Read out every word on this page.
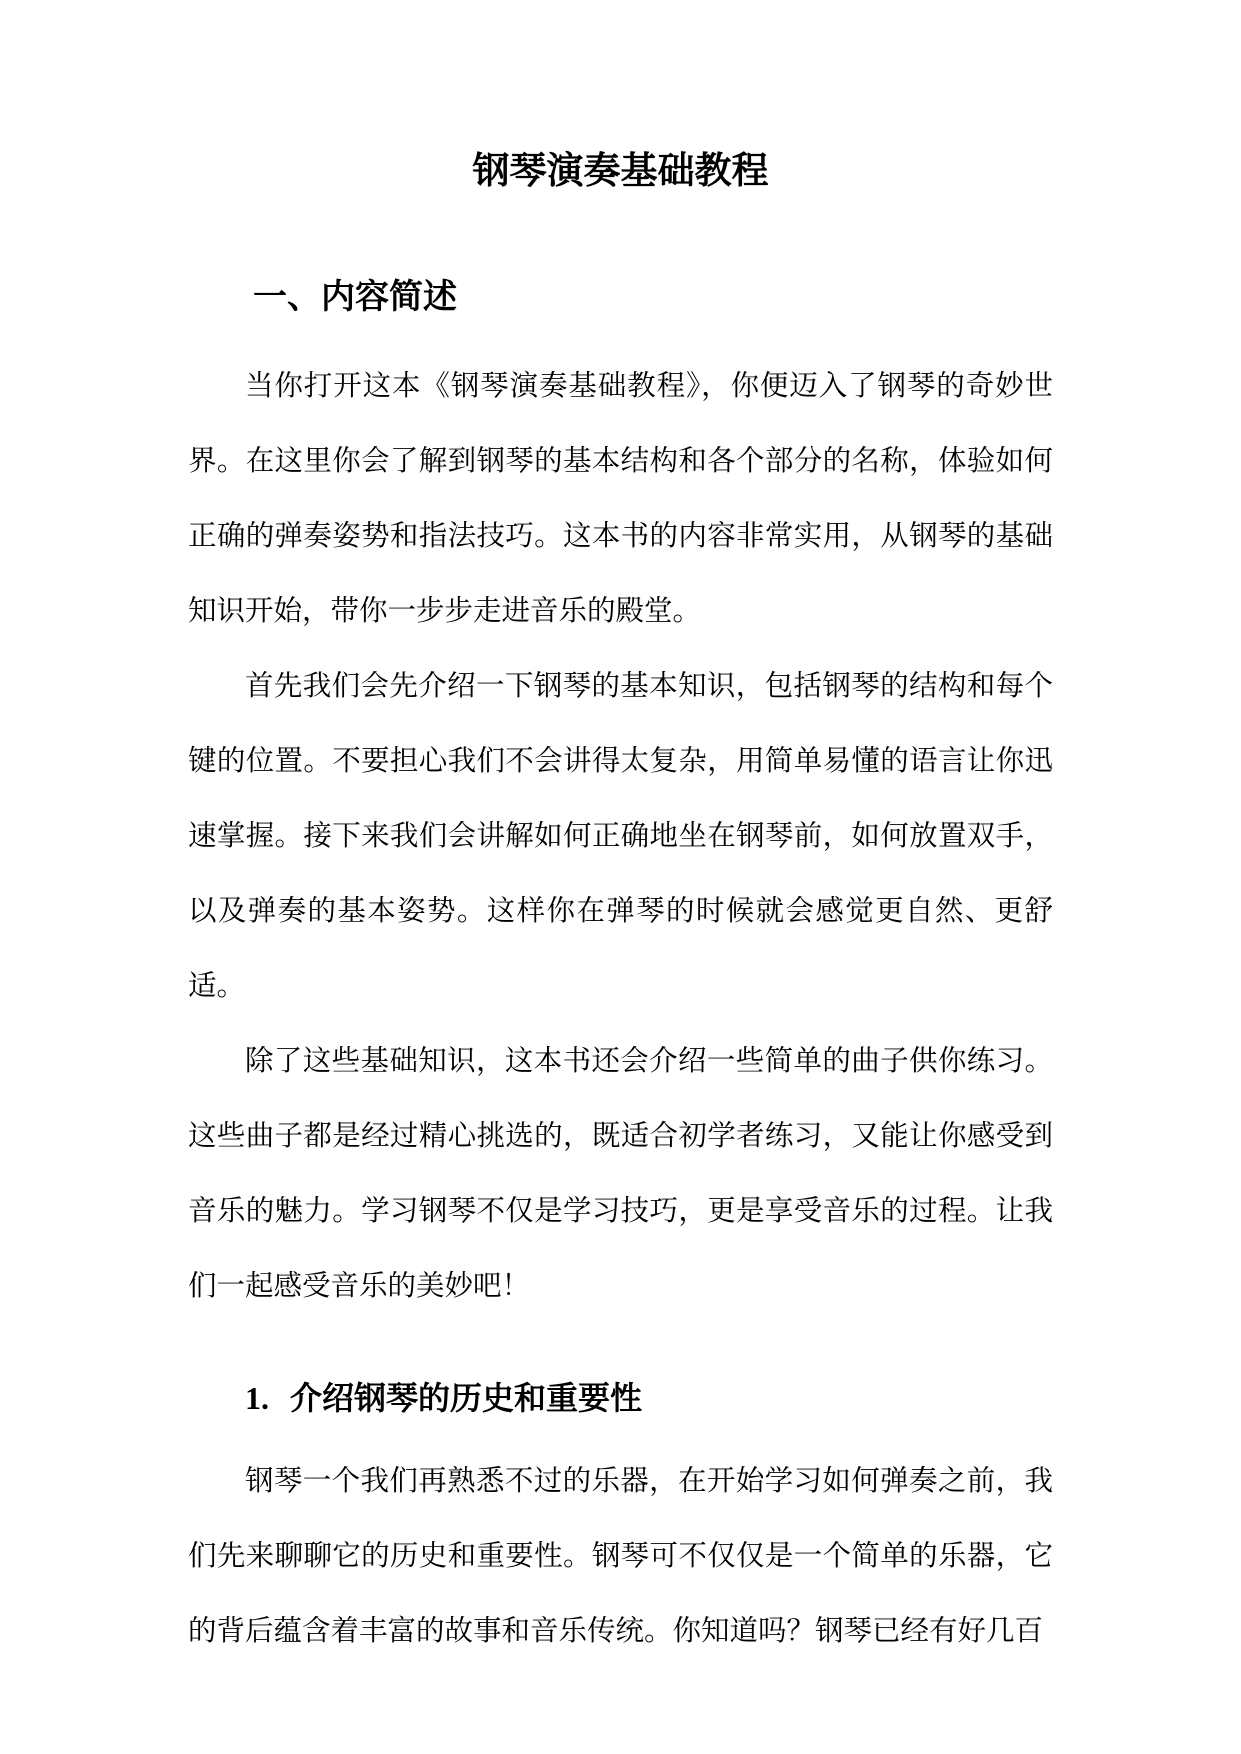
钢琴演奏基础教程
一、内容简述

当你打开这本《钢琴演奏基础教程》，你便迈入了钢琴的奇妙世界。在这里你会了解到钢琴的基本结构和各个部分的名称，体验如何正确的弹奏姿势和指法技巧。这本书的内容非常实用，从钢琴的基础知识开始，带你一步步走进音乐的殿堂。

首先我们会先介绍一下钢琴的基本知识，包括钢琴的结构和每个键的位置。不要担心我们不会讲得太复杂，用简单易懂的语言让你迅速掌握。接下来我们会讲解如何正确地坐在钢琴前，如何放置双手，以及弹奏的基本姿势。这样你在弹琴的时候就会感觉更自然、更舒适。

除了这些基础知识，这本书还会介绍一些简单的曲子供你练习。这些曲子都是经过精心挑选的，既适合初学者练习，又能让你感受到音乐的魅力。学习钢琴不仅是学习技巧，更是享受音乐的过程。让我们一起感受音乐的美妙吧！

1. 介绍钢琴的历史和重要性

钢琴一个我们再熟悉不过的乐器，在开始学习如何弹奏之前，我们先来聊聊它的历史和重要性。钢琴可不仅仅是一个简单的乐器，它的背后蕴含着丰富的故事和音乐传统。你知道吗？钢琴已经有好几百
